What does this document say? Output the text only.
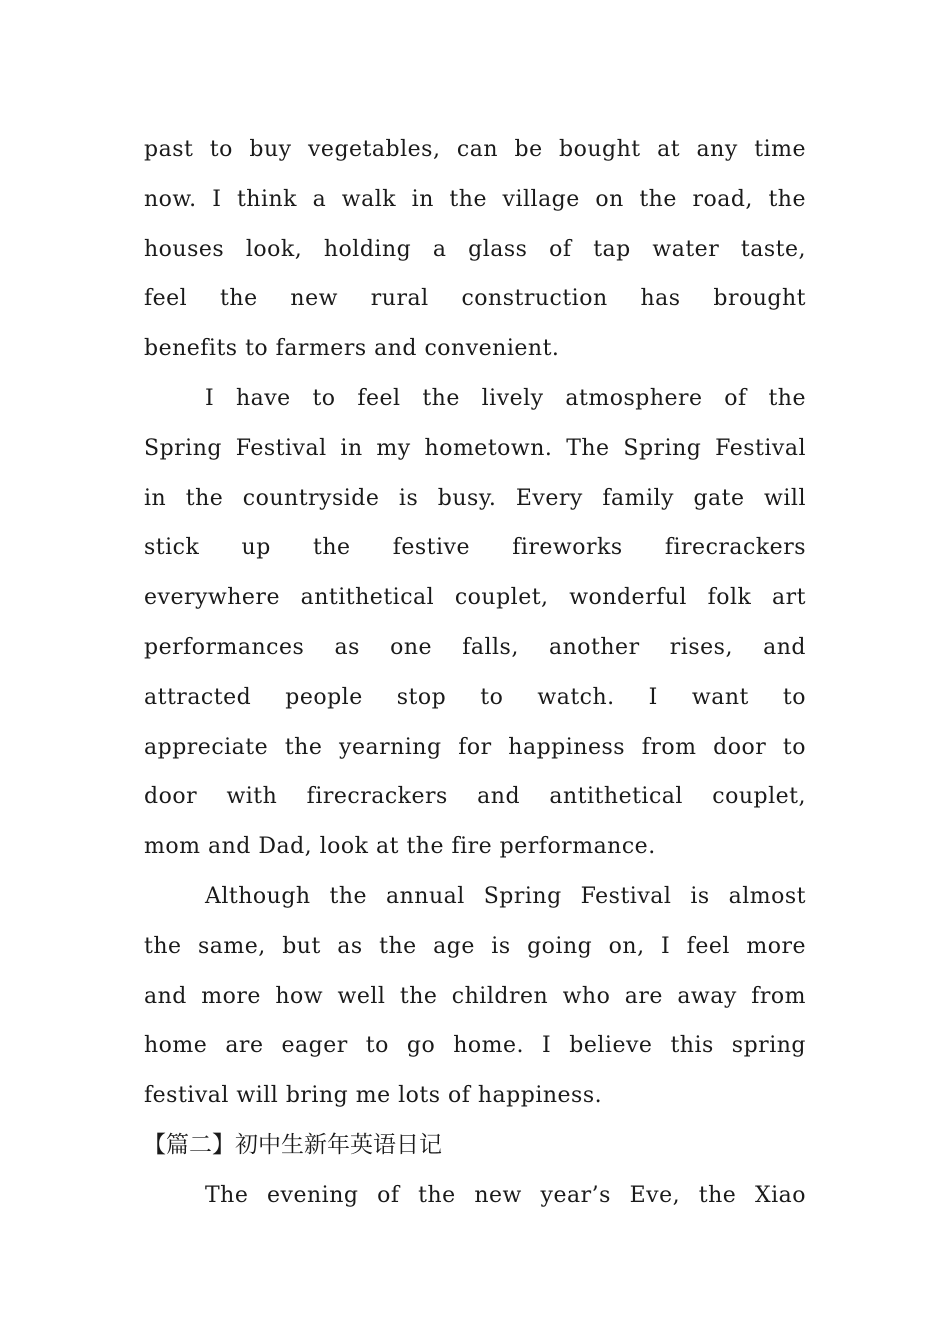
past to buy vegetables, can be bought at any time
now. I think a walk in the village on the road, the
houses look, holding a glass of tap water taste,
feel the new rural construction has brought
benefits to farmers and convenient.
I have to feel the lively atmosphere of the
Spring Festival in my hometown. The Spring Festival
in the countryside is busy. Every family gate will
stick up the festive fireworks firecrackers
everywhere antithetical couplet, wonderful folk art
performances as one falls, another rises, and
attracted people stop to watch. I want to
appreciate the yearning for happiness from door to
door with firecrackers and antithetical couplet,
mom and Dad, look at the fire performance.
Although the annual Spring Festival is almost
the same, but as the age is going on, I feel more
and more how well the children who are away from
home are eager to go home. I believe this spring
festival will bring me lots of happiness.
【篇二】初中生新年英语日记
The evening of the new year’s Eve, the Xiao
